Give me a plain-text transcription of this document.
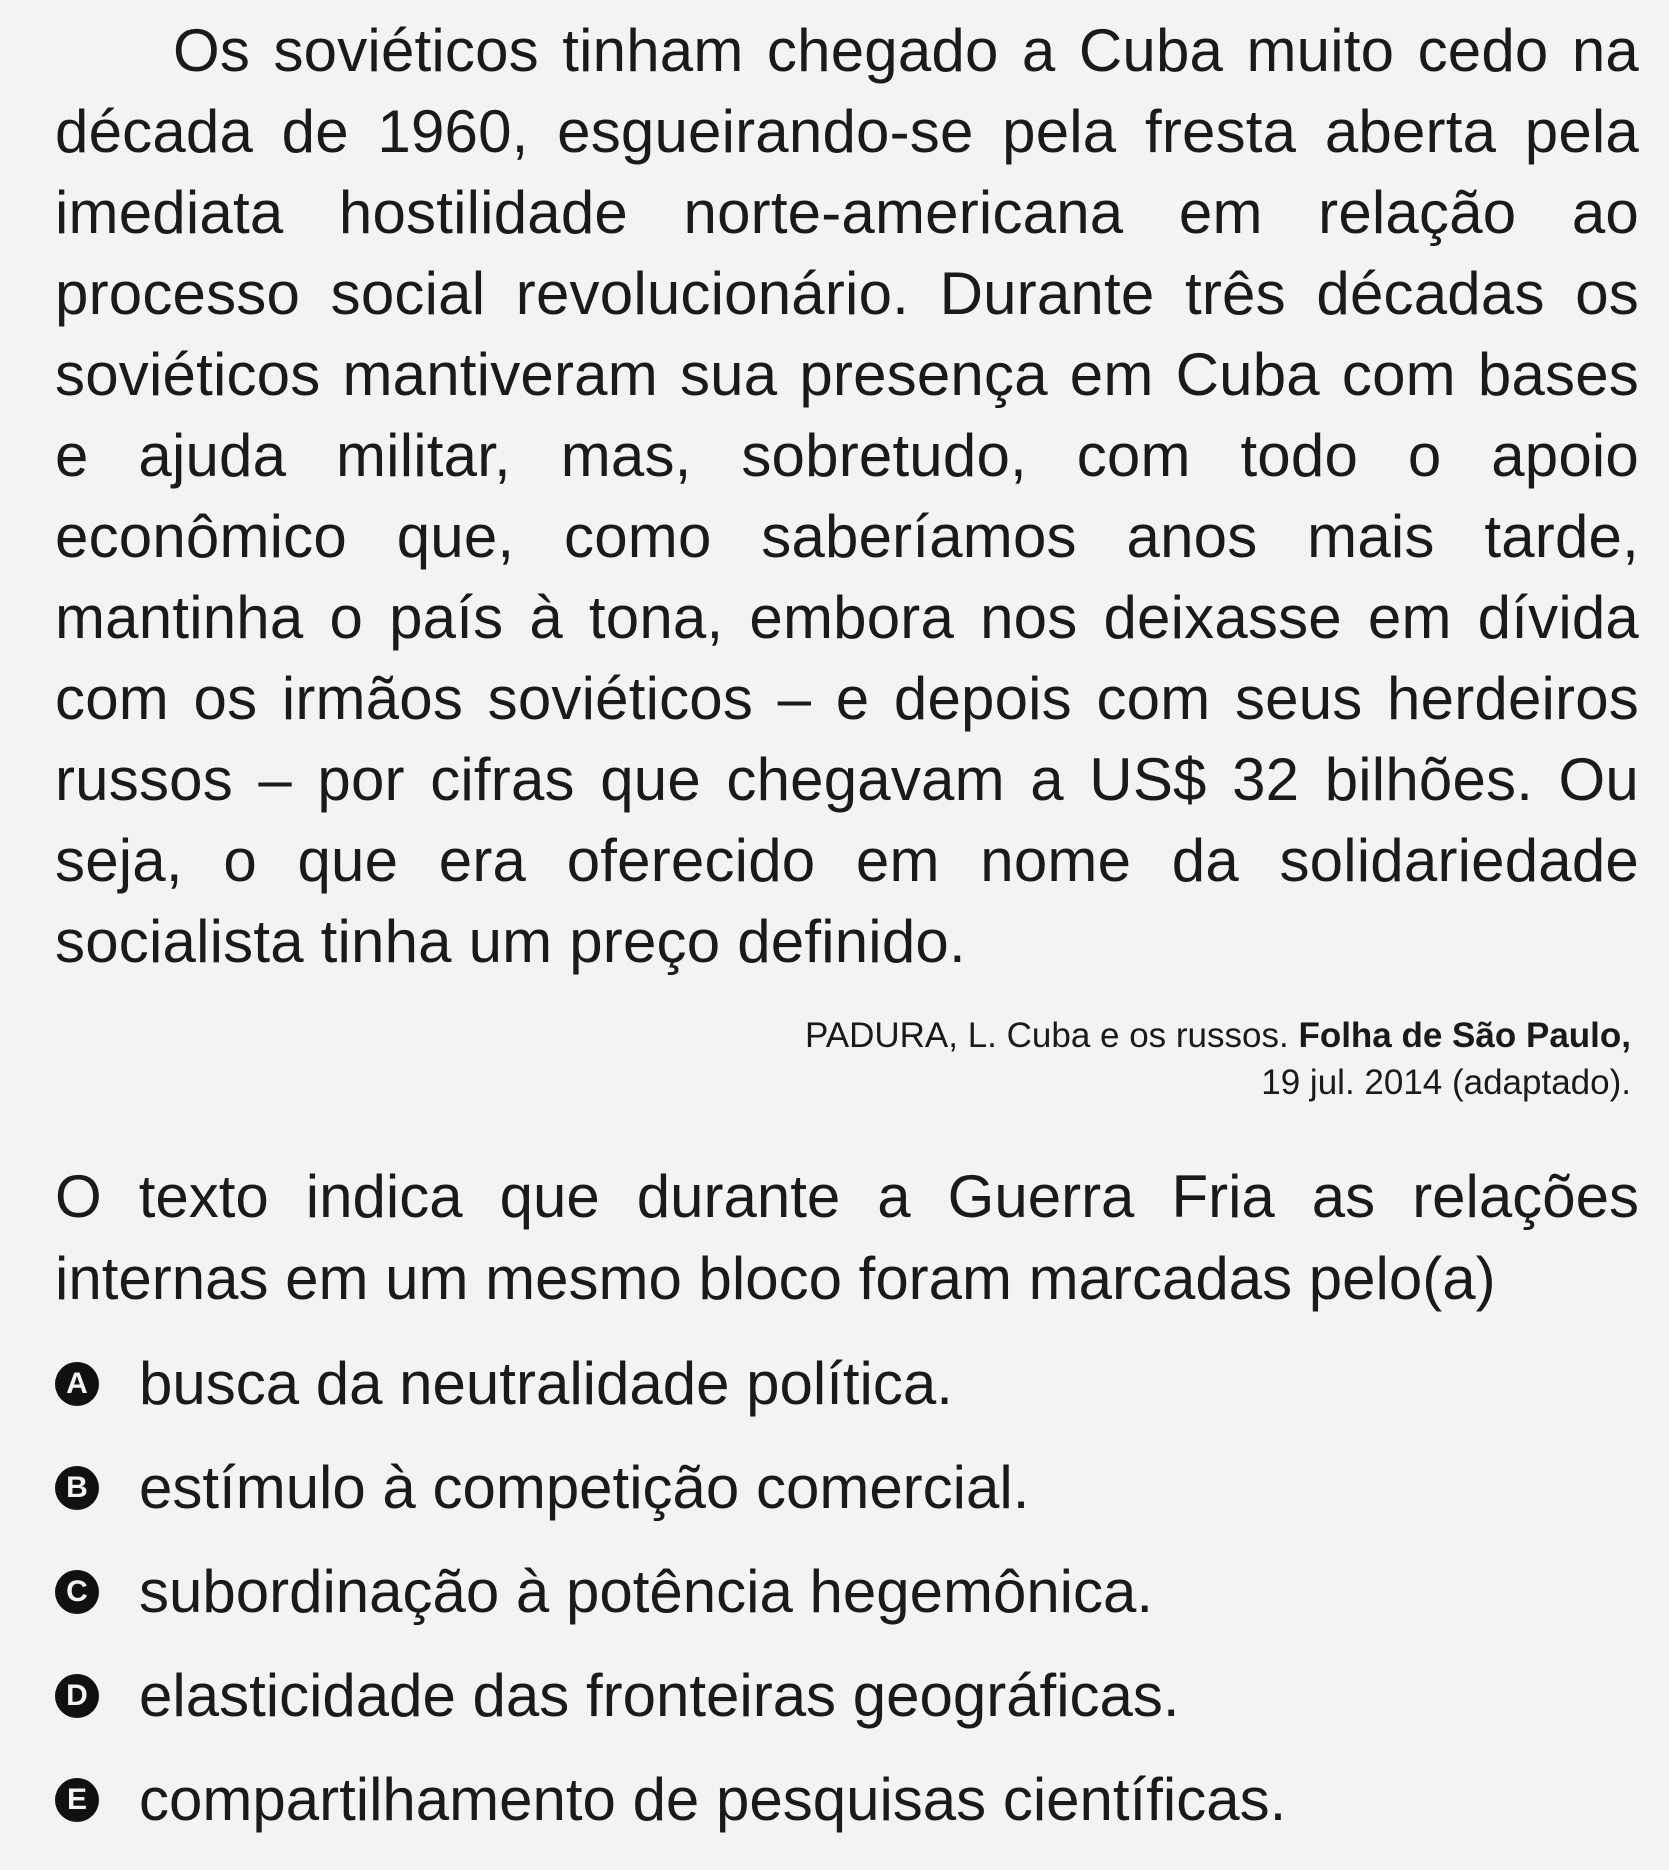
Os soviéticos tinham chegado a Cuba muito cedo na década de 1960, esgueirando-se pela fresta aberta pela imediata hostilidade norte-americana em relação ao processo social revolucionário. Durante três décadas os soviéticos mantiveram sua presença em Cuba com bases e ajuda militar, mas, sobretudo, com todo o apoio econômico que, como saberíamos anos mais tarde, mantinha o país à tona, embora nos deixasse em dívida com os irmãos soviéticos – e depois com seus herdeiros russos – por cifras que chegavam a US$ 32 bilhões. Ou seja, o que era oferecido em nome da solidariedade socialista tinha um preço definido.

PADURA, L. Cuba e os russos. Folha de São Paulo,
19 jul. 2014 (adaptado).
O texto indica que durante a Guerra Fria as relações internas em um mesmo bloco foram marcadas pelo(a)
A busca da neutralidade política.
B estímulo à competição comercial.
C subordinação à potência hegemônica.
D elasticidade das fronteiras geográficas.
E compartilhamento de pesquisas científicas.
